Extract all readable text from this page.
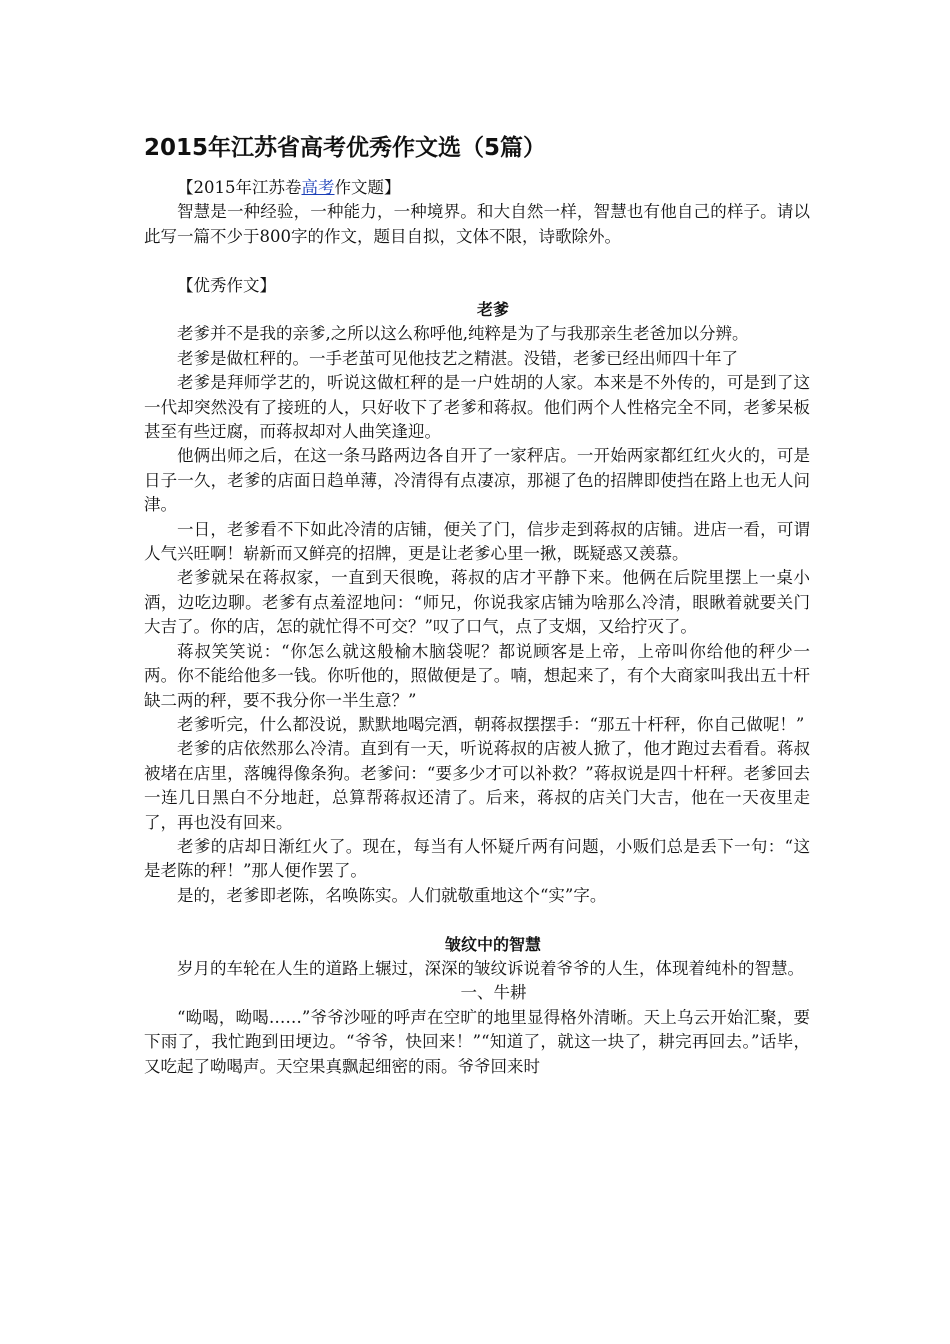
2015年江苏省高考优秀作文选（5篇）

【2015年江苏卷高考作文题】

智慧是一种经验，一种能力，一种境界。和大自然一样，智慧也有他自己的样子。请以此写一篇不少于800字的作文，题目自拟，文体不限，诗歌除外。

【优秀作文】

老爹

老爹并不是我的亲爹,之所以这么称呼他,纯粹是为了与我那亲生老爸加以分辨。

老爹是做杠秤的。一手老茧可见他技艺之精湛。没错，老爹已经出师四十年了

老爹是拜师学艺的，听说这做杠秤的是一户姓胡的人家。本来是不外传的，可是到了这一代却突然没有了接班的人，只好收下了老爹和蒋叔。他们两个人性格完全不同，老爹呆板甚至有些迂腐，而蒋叔却对人曲笑逢迎。

他俩出师之后，在这一条马路两边各自开了一家秤店。一开始两家都红红火火的，可是日子一久，老爹的店面日趋单薄，冷清得有点凄凉，那褪了色的招牌即使挡在路上也无人问津。

一日，老爹看不下如此冷清的店铺，便关了门，信步走到蒋叔的店铺。进店一看，可谓人气兴旺啊！崭新而又鲜亮的招牌，更是让老爹心里一揪，既疑惑又羡慕。

老爹就呆在蒋叔家，一直到天很晚，蒋叔的店才平静下来。他俩在后院里摆上一桌小酒，边吃边聊。老爹有点羞涩地问：“师兄，你说我家店铺为啥那么冷清，眼瞅着就要关门大吉了。你的店，怎的就忙得不可交？”叹了口气，点了支烟，又给拧灭了。

蒋叔笑笑说：“你怎么就这般榆木脑袋呢？都说顾客是上帝，上帝叫你给他的秤少一两。你不能给他多一钱。你听他的，照做便是了。喃，想起来了，有个大商家叫我出五十杆缺二两的秤，要不我分你一半生意？”

老爹听完，什么都没说，默默地喝完酒，朝蒋叔摆摆手：“那五十杆秤，你自己做呢！”

老爹的店依然那么冷清。直到有一天，听说蒋叔的店被人掀了，他才跑过去看看。蒋叔被堵在店里，落魄得像条狗。老爹问：“要多少才可以补救？”蒋叔说是四十杆秤。老爹回去一连几日黑白不分地赶，总算帮蒋叔还清了。后来，蒋叔的店关门大吉，他在一天夜里走了，再也没有回来。

老爹的店却日渐红火了。现在，每当有人怀疑斤两有问题，小贩们总是丢下一句：“这是老陈的秤！”那人便作罢了。

是的，老爹即老陈，名唤陈实。人们就敬重地这个“实”字。

皱纹中的智慧

岁月的车轮在人生的道路上辗过，深深的皱纹诉说着爷爷的人生，体现着纯朴的智慧。

一、牛耕

“呦喝，呦喝……”爷爷沙哑的呼声在空旷的地里显得格外清晰。天上乌云开始汇聚，要下雨了，我忙跑到田埂边。“爷爷，快回来！”“知道了，就这一块了，耕完再回去。”话毕，又吃起了呦喝声。天空果真飘起细密的雨。爷爷回来时
